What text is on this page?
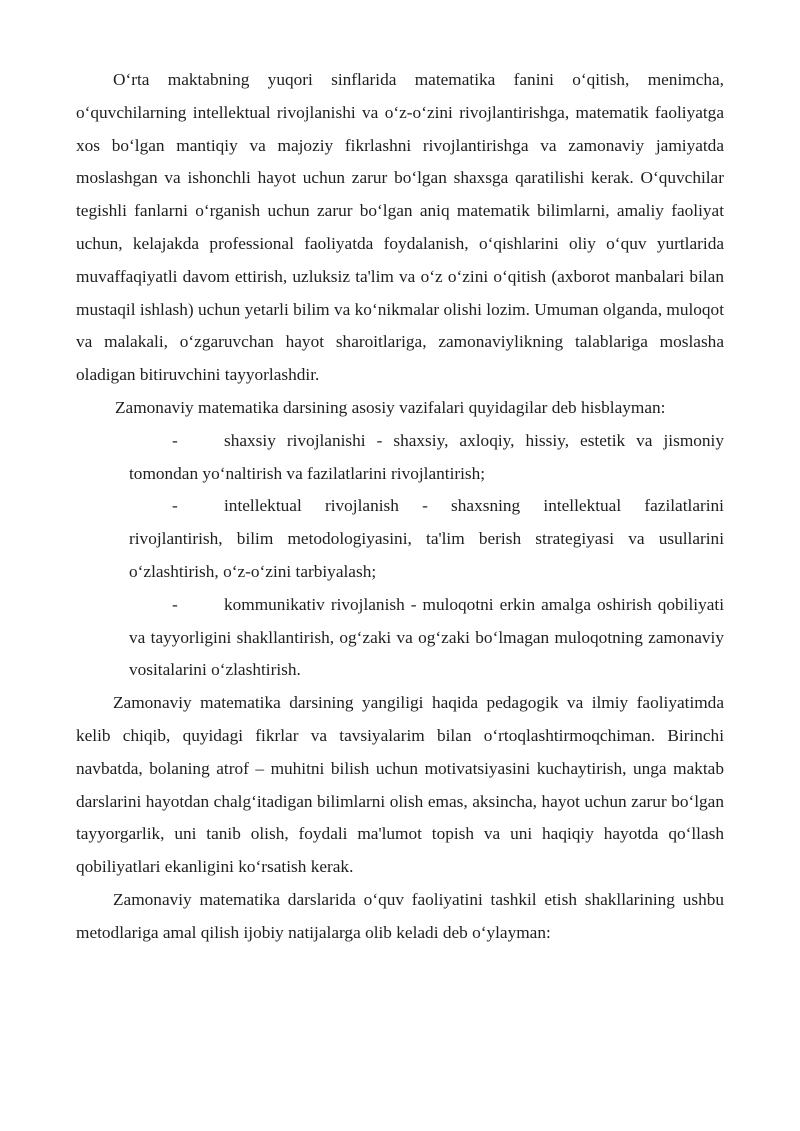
O‘rta maktabning yuqori sinflarida matematika fanini o‘qitish, menimcha, o‘quvchilarning intellektual rivojlanishi va o‘z-o‘zini rivojlantirishga, matematik faoliyatga xos bo‘lgan mantiqiy va majoziy fikrlashni rivojlantirishga va zamonaviy jamiyatda moslashgan va ishonchli hayot uchun zarur bo‘lgan shaxsga qaratilishi kerak. O‘quvchilar tegishli fanlarni o‘rganish uchun zarur bo‘lgan aniq matematik bilimlarni, amaliy faoliyat uchun, kelajakda professional faoliyatda foydalanish, o‘qishlarini oliy o‘quv yurtlarida muvaffaqiyatli davom ettirish, uzluksiz ta'lim va o‘z o‘zini o‘qitish (axborot manbalari bilan mustaqil ishlash) uchun yetarli bilim va ko‘nikmalar olishi lozim. Umuman olganda, muloqot va malakali, o‘zgaruvchan hayot sharoitlariga, zamonaviylikning talablariga moslasha oladigan bitiruvchini tayyorlashdir.

Zamonaviy matematika darsining asosiy vazifalari quyidagilar deb hisblayman:

-	shaxsiy rivojlanishi - shaxsiy, axloqiy, hissiy, estetik va jismoniy tomondan yo‘naltirish va fazilatlarini rivojlantirish;

-	intellektual rivojlanish - shaxsning intellektual fazilatlarini rivojlantirish, bilim metodologiyasini, ta'lim berish strategiyasi va usullarini o‘zlashtirish, o‘z-o‘zini tarbiyalash;

-	kommunikativ rivojlanish - muloqotni erkin amalga oshirish qobiliyati va tayyorligini shakllantirish, og‘zaki va og‘zaki bo‘lmagan muloqotning zamonaviy vositalarini o‘zlashtirish.

Zamonaviy matematika darsining yangiligi haqida pedagogik va ilmiy faoliyatimda kelib chiqib, quyidagi fikrlar va tavsiyalarim bilan o‘rtoqlashtirmoqchiman. Birinchi navbatda, bolaning atrof – muhitni bilish uchun motivatsiyasini kuchaytirish, unga maktab darslarini hayotdan chalg‘itadigan bilimlarni olish emas, aksincha, hayot uchun zarur bo‘lgan tayyorgarlik, uni tanib olish, foydali ma'lumot topish va uni haqiqiy hayotda qo‘llash qobiliyatlari ekanligini ko‘rsatish kerak.

Zamonaviy matematika darslarida o‘quv faoliyatini tashkil etish shakllarining ushbu metodlariga amal qilish ijobiy natijalarga olib keladi deb o‘ylayman:
